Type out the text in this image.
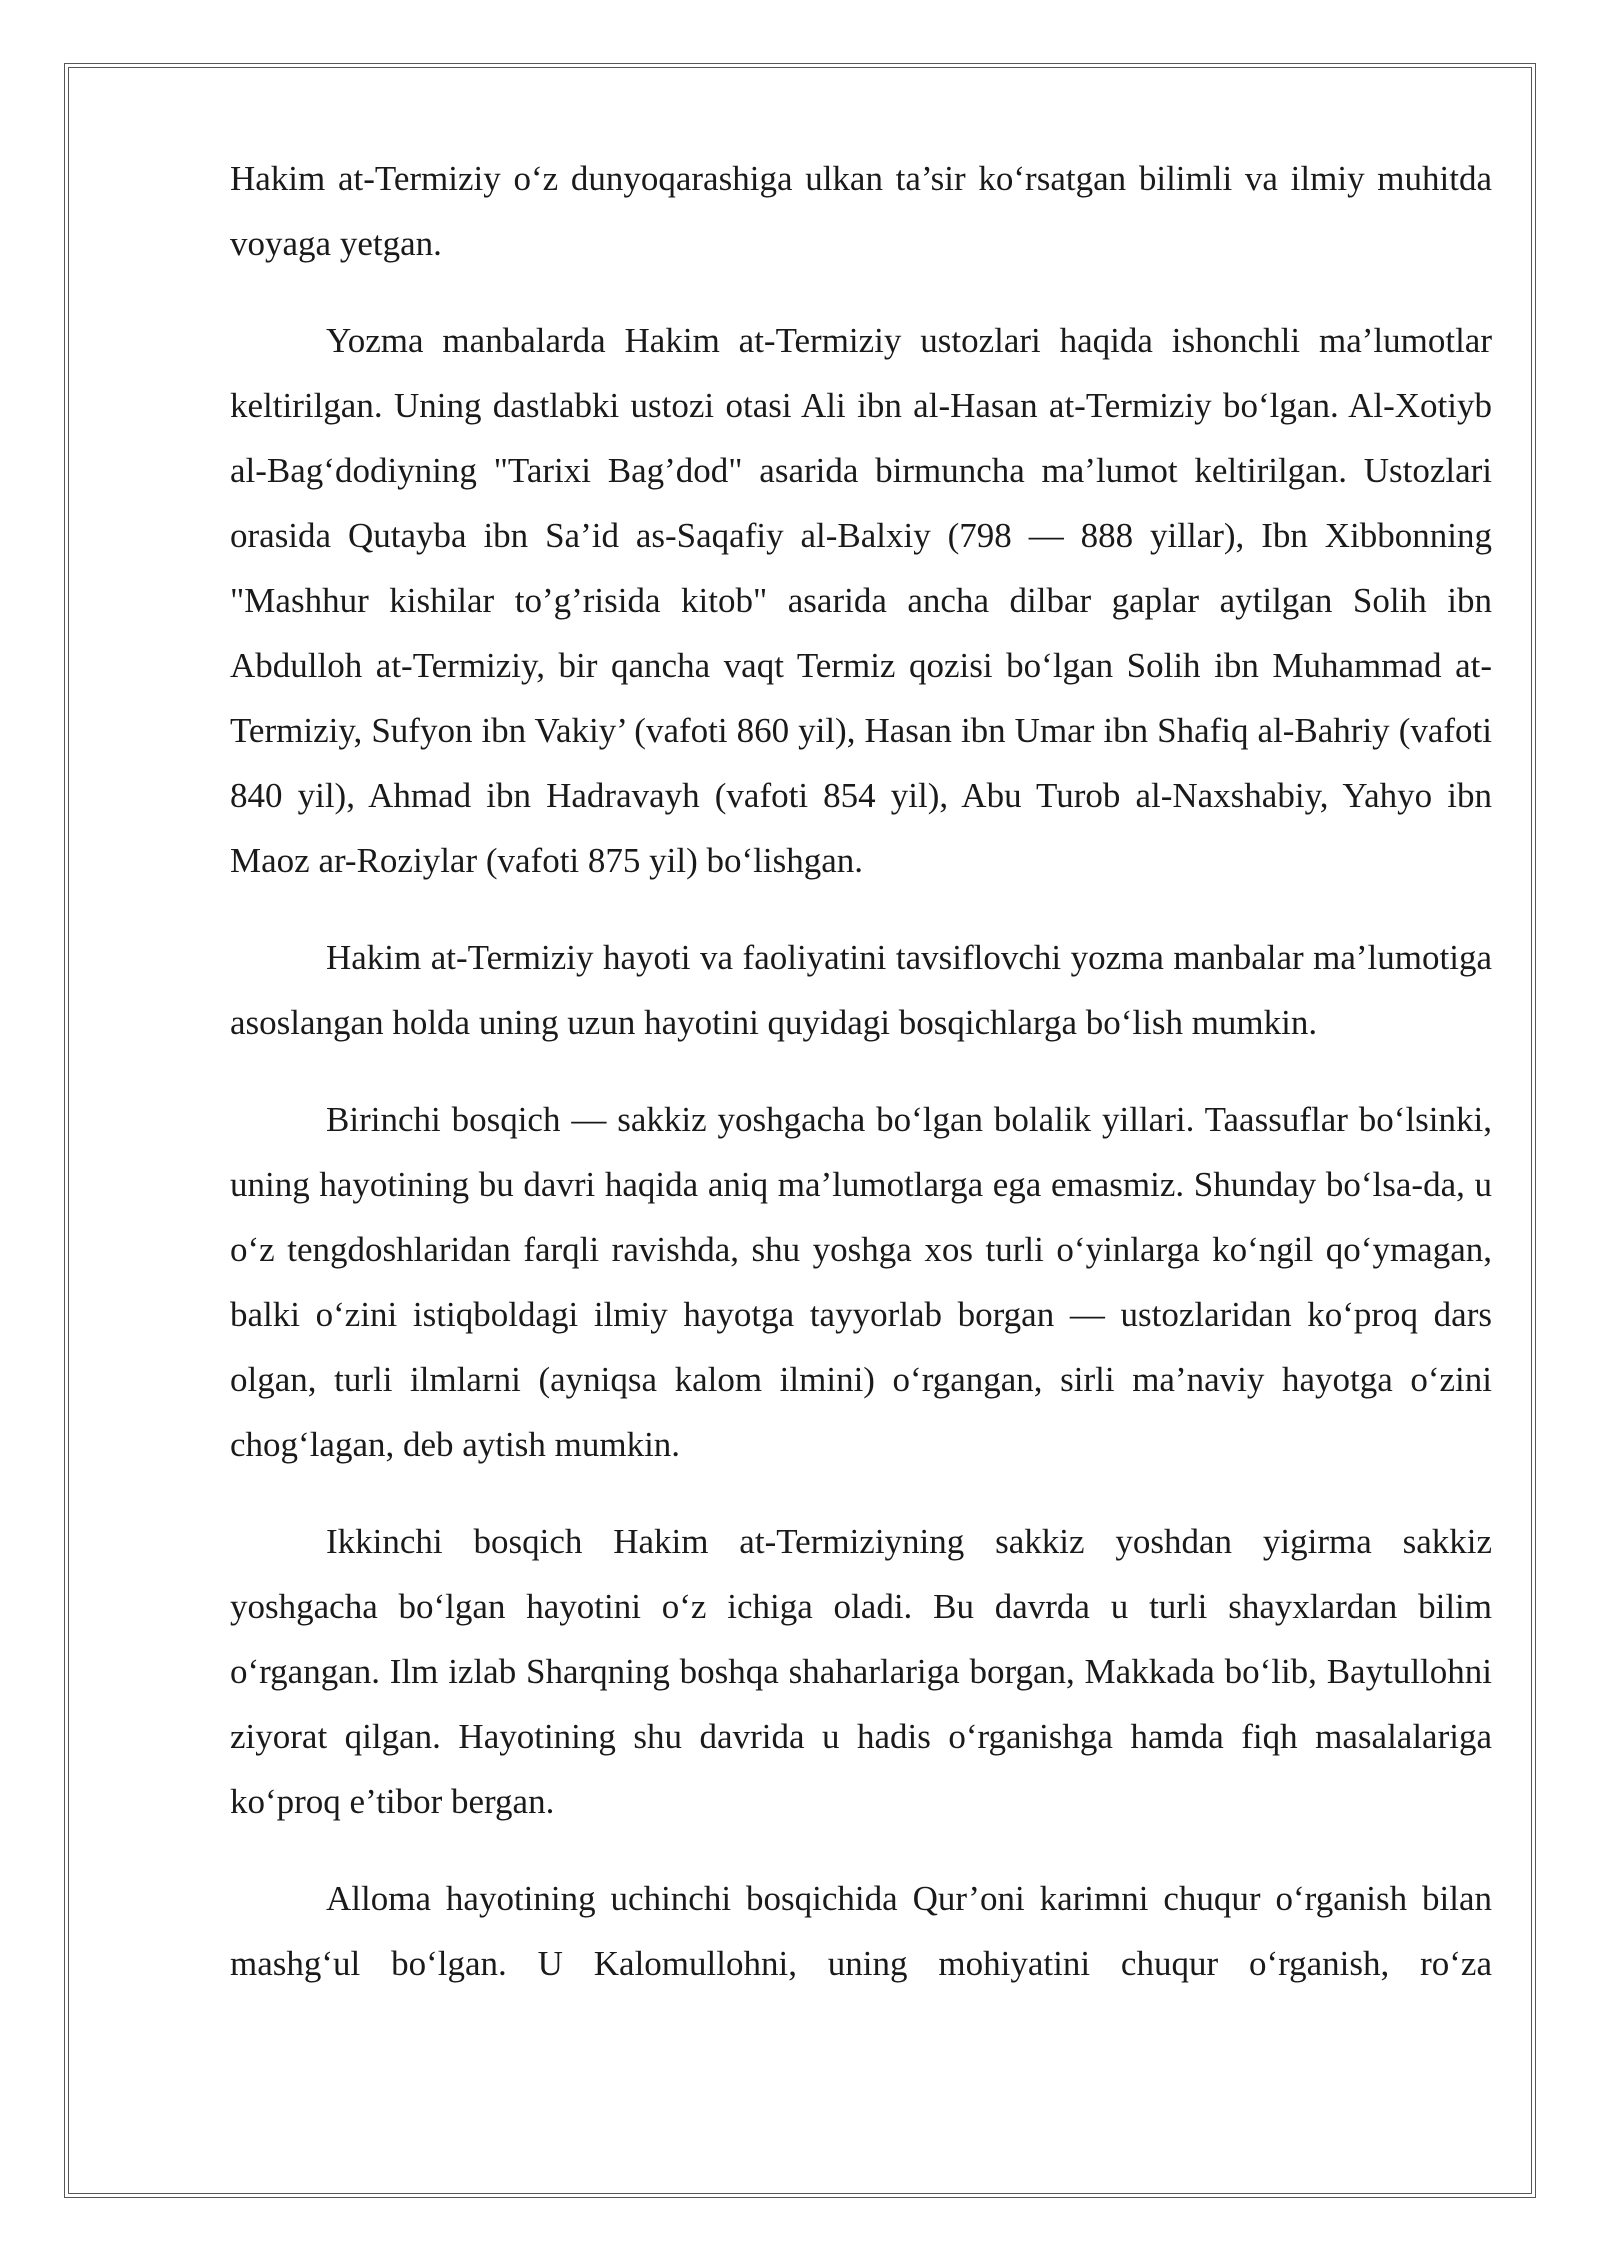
Hakim at-Termiziy o‘z dunyoqarashiga ulkan ta’sir ko‘rsatgan bilimli va ilmiy muhitda voyaga yetgan.

Yozma manbalarda Hakim at-Termiziy ustozlari haqida ishonchli ma’lumotlar keltirilgan. Uning dastlabki ustozi otasi Ali ibn al-Hasan at-Termiziy bo‘lgan. Al-Xotiyb al-Bag‘dodiyning "Tarixi Bag’dod" asarida birmuncha ma’lumot keltirilgan. Ustozlari orasida Qutayba ibn Sa’id as-Saqafiy al-Balxiy (798 — 888 yillar), Ibn Xibbonning "Mashhur kishilar to’g’risida kitob" asarida ancha dilbar gaplar aytilgan Solih ibn Abdulloh at-Termiziy, bir qancha vaqt Termiz qozisi bo‘lgan Solih ibn Muhammad at-Termiziy, Sufyon ibn Vakiy’ (vafoti 860 yil), Hasan ibn Umar ibn Shafiq al-Bahriy (vafoti 840 yil), Ahmad ibn Hadravayh (vafoti 854 yil), Abu Turob al-Naxshabiy, Yahyo ibn Maoz ar-Roziylar (vafoti 875 yil) bo‘lishgan.

Hakim at-Termiziy hayoti va faoliyatini tavsiflovchi yozma manbalar ma’lumotiga asoslangan holda uning uzun hayotini quyidagi bosqichlarga bo‘lish mumkin.

Birinchi bosqich — sakkiz yoshgacha bo‘lgan bolalik yillari. Taassuflar bo‘lsinki, uning hayotining bu davri haqida aniq ma’lumotlarga ega emasmiz. Shunday bo‘lsa-da, u o‘z tengdoshlaridan farqli ravishda, shu yoshga xos turli o‘yinlarga ko‘ngil qo‘ymagan, balki o‘zini istiqboldagi ilmiy hayotga tayyorlab borgan — ustozlaridan ko‘proq dars olgan, turli ilmlarni (ayniqsa kalom ilmini) o‘rgangan, sirli ma’naviy hayotga o‘zini chog‘lagan, deb aytish mumkin.

Ikkinchi bosqich Hakim at-Termiziyning sakkiz yoshdan yigirma sakkiz yoshgacha bo‘lgan hayotini o‘z ichiga oladi. Bu davrda u turli shayxlardan bilim o‘rgangan. Ilm izlab Sharqning boshqa shaharlariga borgan, Makkada bo‘lib, Baytullohni ziyorat qilgan. Hayotining shu davrida u hadis o‘rganishga hamda fiqh masalalariga ko‘proq e’tibor bergan.

Alloma hayotining uchinchi bosqichida Qur’oni karimni chuqur o‘rganish bilan mashg‘ul bo‘lgan. U Kalomullohni, uning mohiyatini chuqur o‘rganish, ro‘za
